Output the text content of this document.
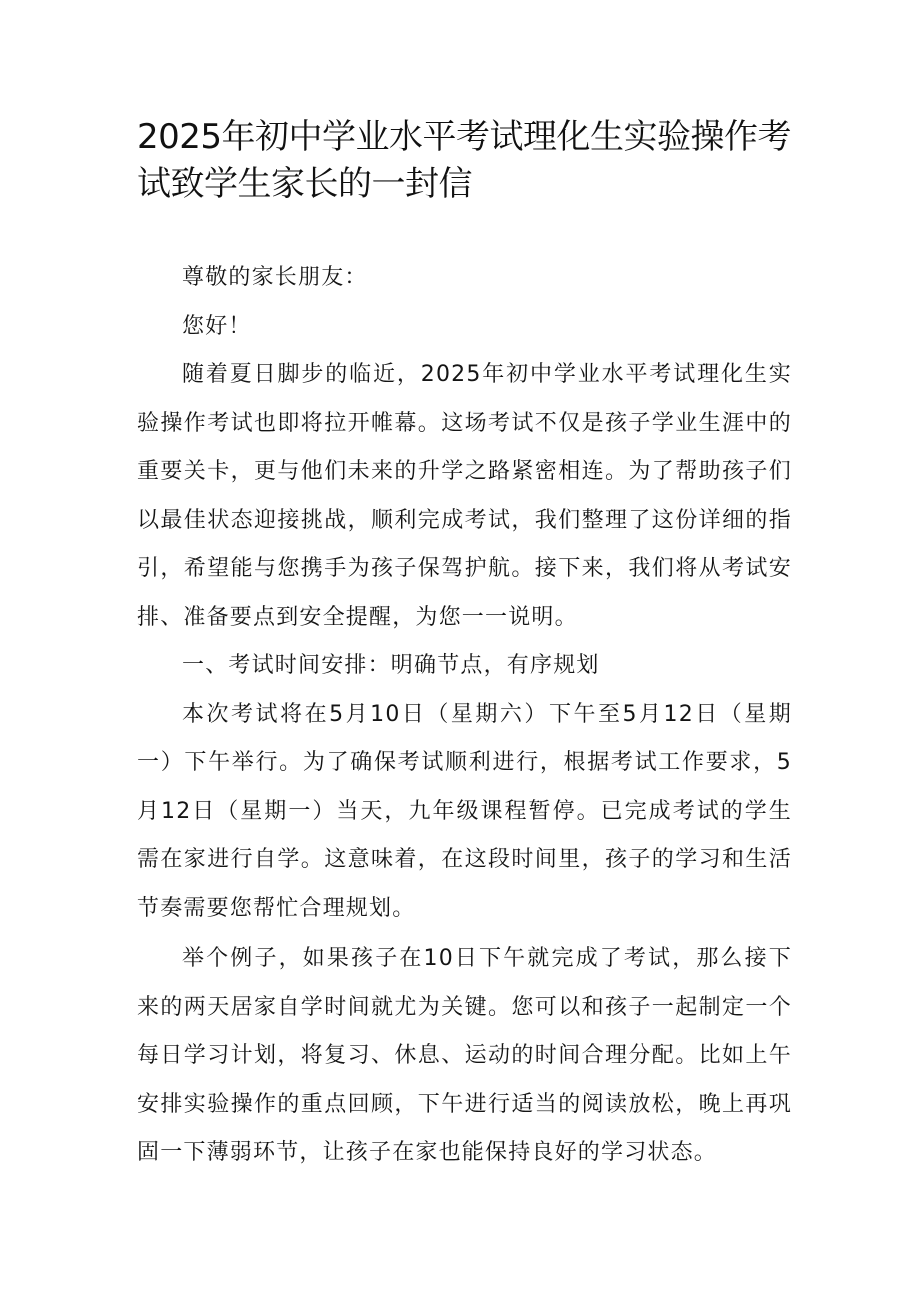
2025年初中学业水平考试理化生实验操作考试致学生家长的一封信

尊敬的家长朋友：

您好！

随着夏日脚步的临近，2025年初中学业水平考试理化生实验操作考试也即将拉开帷幕。这场考试不仅是孩子学业生涯中的重要关卡，更与他们未来的升学之路紧密相连。为了帮助孩子们以最佳状态迎接挑战，顺利完成考试，我们整理了这份详细的指引，希望能与您携手为孩子保驾护航。接下来，我们将从考试安排、准备要点到安全提醒，为您一一说明。

一、考试时间安排：明确节点，有序规划

本次考试将在5月10日（星期六）下午至5月12日（星期一）下午举行。为了确保考试顺利进行，根据考试工作要求，5月12日（星期一）当天，九年级课程暂停。已完成考试的学生需在家进行自学。这意味着，在这段时间里，孩子的学习和生活节奏需要您帮忙合理规划。

举个例子，如果孩子在10日下午就完成了考试，那么接下来的两天居家自学时间就尤为关键。您可以和孩子一起制定一个每日学习计划，将复习、休息、运动的时间合理分配。比如上午安排实验操作的重点回顾，下午进行适当的阅读放松，晚上再巩固一下薄弱环节，让孩子在家也能保持良好的学习状态。
